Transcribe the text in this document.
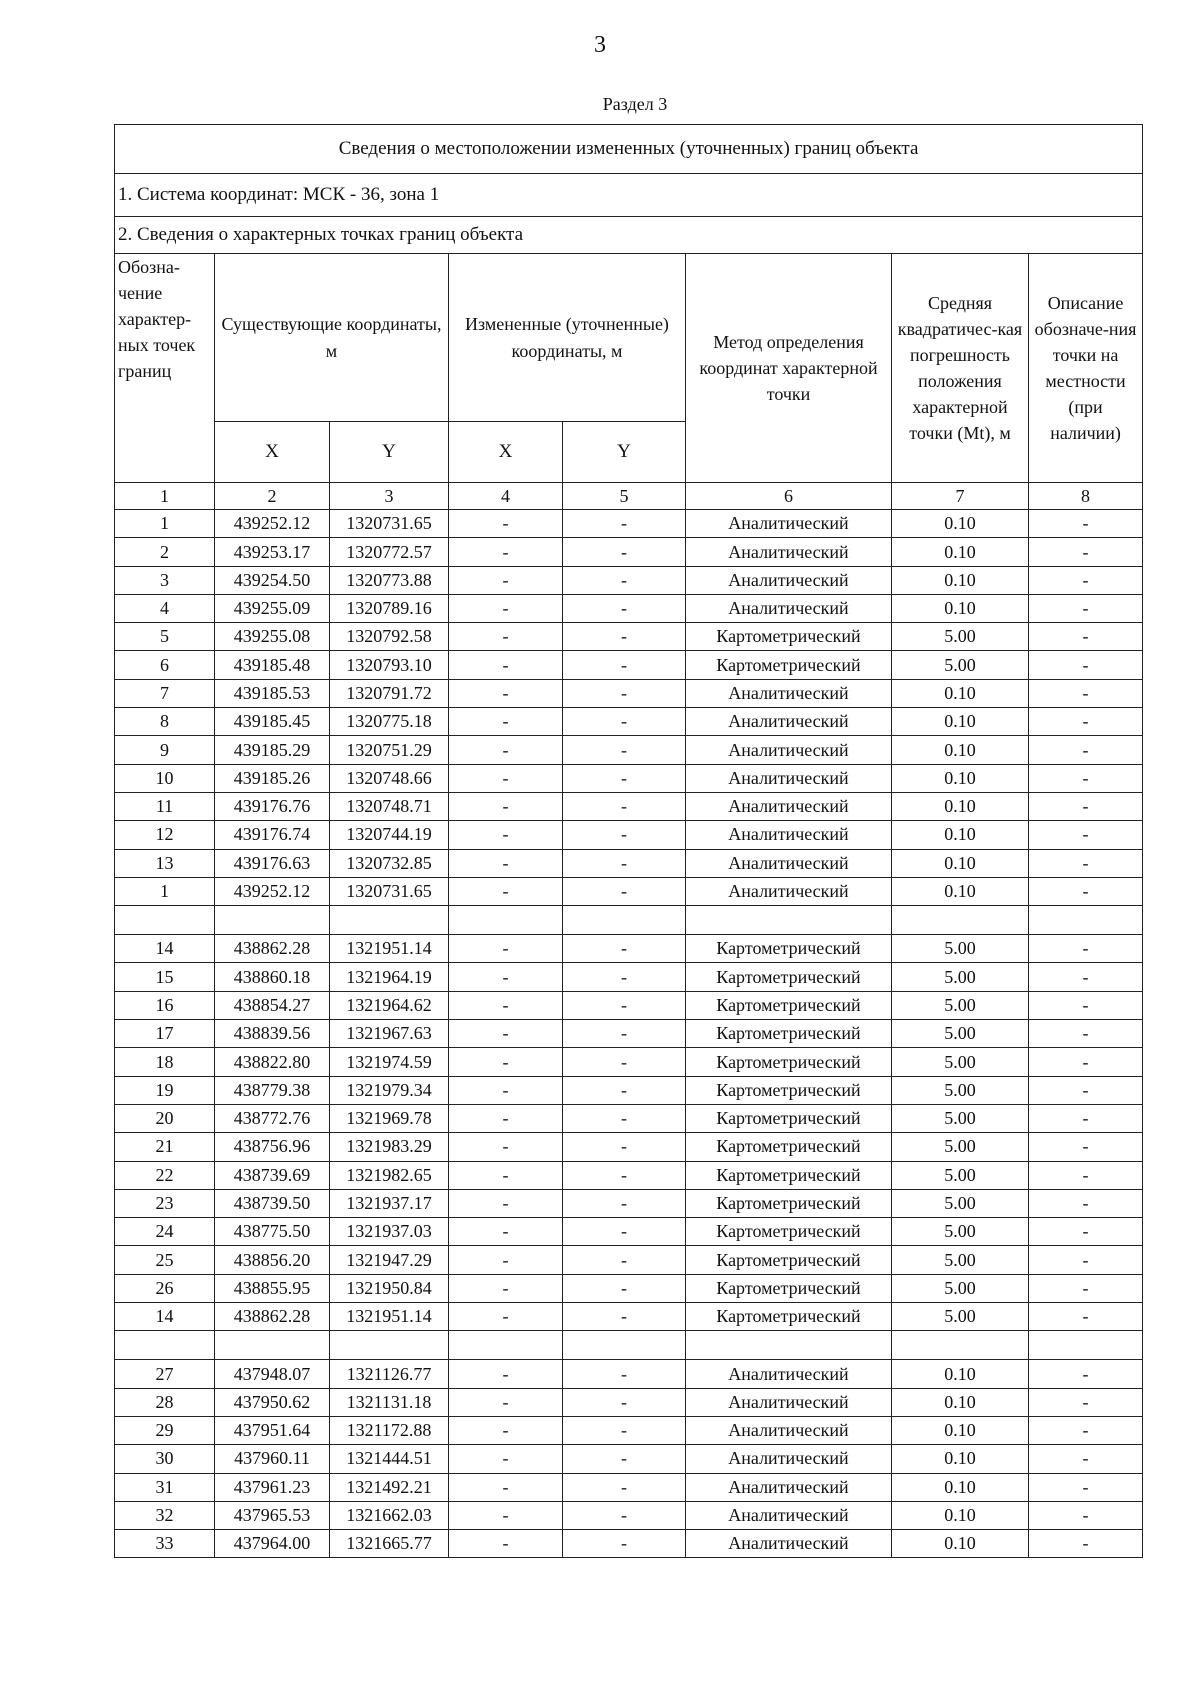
3
Раздел 3
Сведения о местоположении измененных (уточненных) границ объекта							
1. Система координат: МСК - 36, зона 1							
2. Сведения о характерных точках границ объекта							
Обозна-чение характер-ных точек границ	Существующие координаты, м		Измененные (уточненные) координаты, м		Метод определения координат характерной точки	Средняя квадратичес-кая погрешность положения характерной точки (Mt), м	Описание обозначе-ния точки на местности (при наличии)
	X	Y	X	Y			
1	2	3	4	5	6	7	8
1	439252.12	1320731.65	-	-	Аналитический	0.10	-
2	439253.17	1320772.57	-	-	Аналитический	0.10	-
3	439254.50	1320773.88	-	-	Аналитический	0.10	-
4	439255.09	1320789.16	-	-	Аналитический	0.10	-
5	439255.08	1320792.58	-	-	Картометрический	5.00	-
6	439185.48	1320793.10	-	-	Картометрический	5.00	-
7	439185.53	1320791.72	-	-	Аналитический	0.10	-
8	439185.45	1320775.18	-	-	Аналитический	0.10	-
9	439185.29	1320751.29	-	-	Аналитический	0.10	-
10	439185.26	1320748.66	-	-	Аналитический	0.10	-
11	439176.76	1320748.71	-	-	Аналитический	0.10	-
12	439176.74	1320744.19	-	-	Аналитический	0.10	-
13	439176.63	1320732.85	-	-	Аналитический	0.10	-
1	439252.12	1320731.65	-	-	Аналитический	0.10	-

14	438862.28	1321951.14	-	-	Картометрический	5.00	-
15	438860.18	1321964.19	-	-	Картометрический	5.00	-
16	438854.27	1321964.62	-	-	Картометрический	5.00	-
17	438839.56	1321967.63	-	-	Картометрический	5.00	-
18	438822.80	1321974.59	-	-	Картометрический	5.00	-
19	438779.38	1321979.34	-	-	Картометрический	5.00	-
20	438772.76	1321969.78	-	-	Картометрический	5.00	-
21	438756.96	1321983.29	-	-	Картометрический	5.00	-
22	438739.69	1321982.65	-	-	Картометрический	5.00	-
23	438739.50	1321937.17	-	-	Картометрический	5.00	-
24	438775.50	1321937.03	-	-	Картометрический	5.00	-
25	438856.20	1321947.29	-	-	Картометрический	5.00	-
26	438855.95	1321950.84	-	-	Картометрический	5.00	-
14	438862.28	1321951.14	-	-	Картометрический	5.00	-

27	437948.07	1321126.77	-	-	Аналитический	0.10	-
28	437950.62	1321131.18	-	-	Аналитический	0.10	-
29	437951.64	1321172.88	-	-	Аналитический	0.10	-
30	437960.11	1321444.51	-	-	Аналитический	0.10	-
31	437961.23	1321492.21	-	-	Аналитический	0.10	-
32	437965.53	1321662.03	-	-	Аналитический	0.10	-
33	437964.00	1321665.77	-	-	Аналитический	0.10	-
